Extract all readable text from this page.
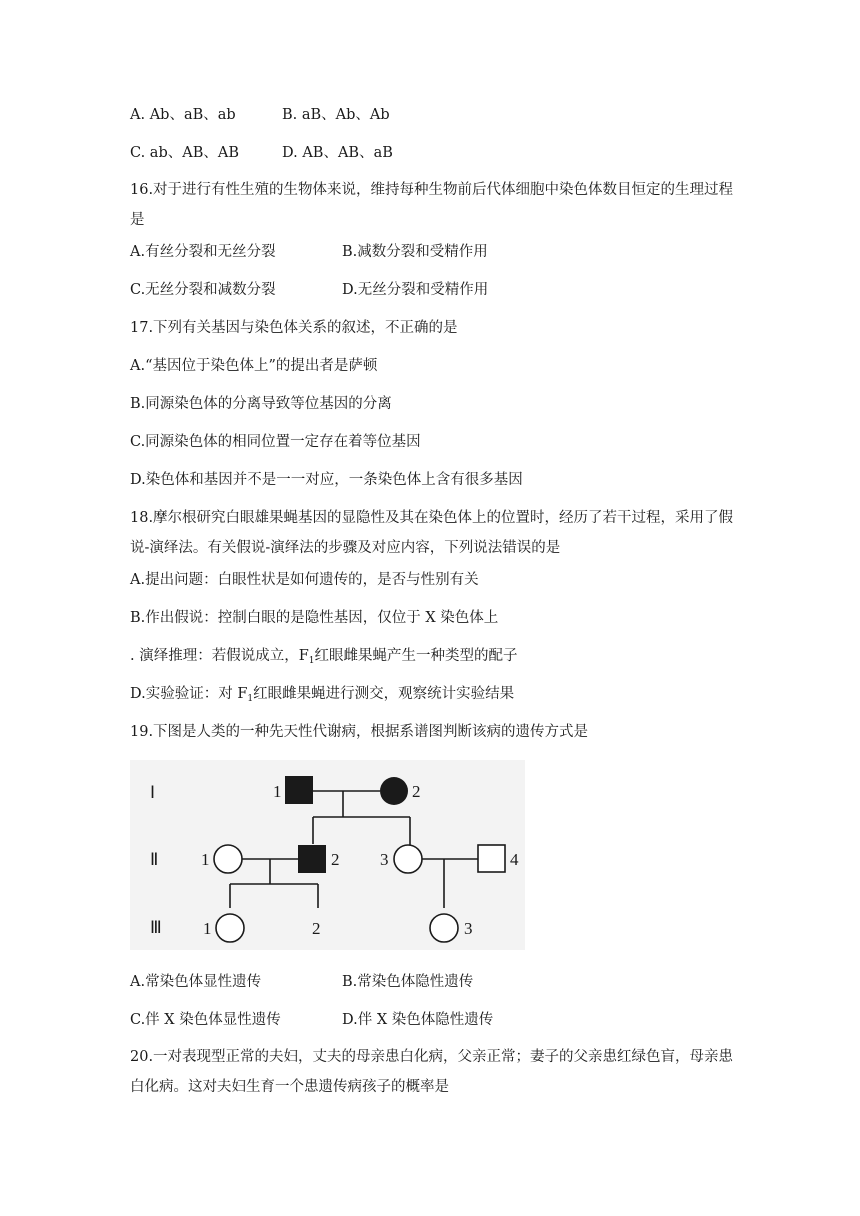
A. Ab、aB、ab	B. aB、Ab、Ab
C. ab、AB、AB	D. AB、AB、aB
16.对于进行有性生殖的生物体来说，维持每种生物前后代体细胞中染色体数目恒定的生理过程是
A.有丝分裂和无丝分裂	B.减数分裂和受精作用
C.无丝分裂和减数分裂	D.无丝分裂和受精作用
17.下列有关基因与染色体关系的叙述，不正确的是
A.“基因位于染色体上”的提出者是萨顿
B.同源染色体的分离导致等位基因的分离
C.同源染色体的相同位置一定存在着等位基因
D.染色体和基因并不是一一对应，一条染色体上含有很多基因
18.摩尔根研究白眼雄果蝇基因的显隐性及其在染色体上的位置时，经历了若干过程，采用了假说-演绎法。有关假说-演绎法的步骤及对应内容，下列说法错误的是
A.提出问题：白眼性状是如何遗传的，是否与性别有关
B.作出假说：控制白眼的是隐性基因，仅位于 X 染色体上
. 演绎推理：若假说成立，$F_1$红眼雌果蝇产生一种类型的配子
D.实验验证：对 $F_1$红眼雌果蝇进行测交，观察统计实验结果
19.下图是人类的一种先天性代谢病，根据系谱图判断该病的遗传方式是
Ⅰ
Ⅱ
Ⅲ
1	2
1	2 3	4
1	2	3
A.常染色体显性遗传	B.常染色体隐性遗传
C.伴 X 染色体显性遗传	D.伴 X 染色体隐性遗传
20.一对表现型正常的夫妇，丈夫的母亲患白化病，父亲正常；妻子的父亲患红绿色盲，母亲患白化病。这对夫妇生育一个患遗传病孩子的概率是
